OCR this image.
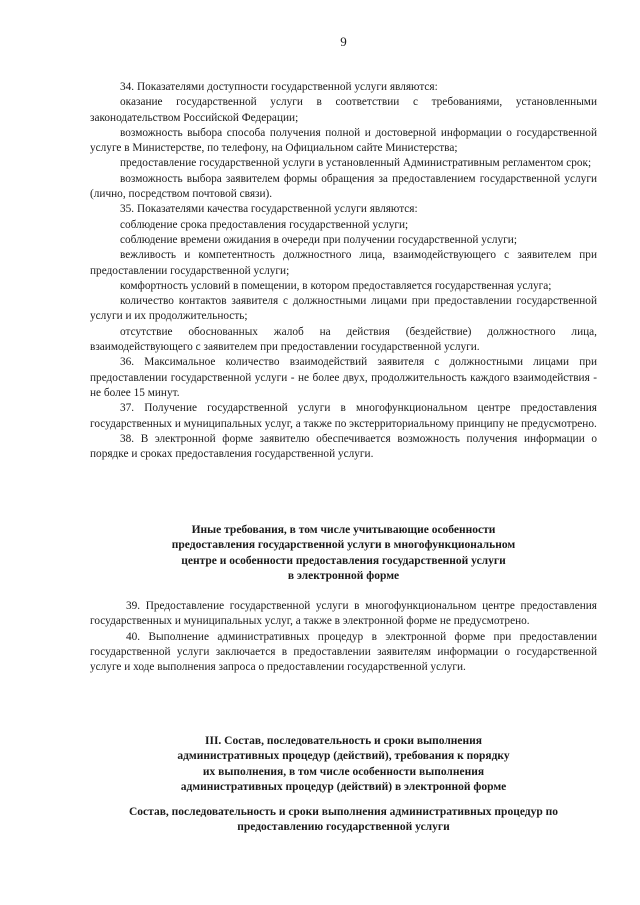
9

34. Показателями доступности государственной услуги являются:

оказание государственной услуги в соответствии с требованиями, установленными законодательством Российской Федерации;

возможность выбора способа получения полной и достоверной информации о государственной услуге в Министерстве, по телефону, на Официальном сайте Министерства;

предоставление государственной услуги в установленный Административным регламентом срок;

возможность выбора заявителем формы обращения за предоставлением государственной услуги (лично, посредством почтовой связи).

35. Показателями качества государственной услуги являются:

соблюдение срока предоставления государственной услуги;

соблюдение времени ожидания в очереди при получении государственной услуги;

вежливость и компетентность должностного лица, взаимодействующего с заявителем при предоставлении государственной услуги;

комфортность условий в помещении, в котором предоставляется государственная услуга;

количество контактов заявителя с должностными лицами при предоставлении государственной услуги и их продолжительность;

отсутствие обоснованных жалоб на действия (бездействие) должностного лица, взаимодействующего с заявителем при предоставлении государственной услуги.

36. Максимальное количество взаимодействий заявителя с должностными лицами при предоставлении государственной услуги - не более двух, продолжительность каждого взаимодействия - не более 15 минут.

37. Получение государственной услуги в многофункциональном центре предоставления государственных и муниципальных услуг, а также по экстерриториальному принципу не предусмотрено.

38. В электронной форме заявителю обеспечивается возможность получения информации о порядке и сроках предоставления государственной услуги.

Иные требования, в том числе учитывающие особенности
предоставления государственной услуги в многофункциональном
центре и особенности предоставления государственной услуги
в электронной форме

39. Предоставление государственной услуги в многофункциональном центре предоставления государственных и муниципальных услуг, а также в электронной форме не предусмотрено.

40. Выполнение административных процедур в электронной форме при предоставлении государственной услуги заключается в предоставлении заявителям информации о государственной услуге и ходе выполнения запроса о предоставлении государственной услуги.

III. Состав, последовательность и сроки выполнения
административных процедур (действий), требования к порядку
их выполнения, в том числе особенности выполнения
административных процедур (действий) в электронной форме
Состав, последовательность и сроки выполнения административных процедур по
предоставлению государственной услуги
